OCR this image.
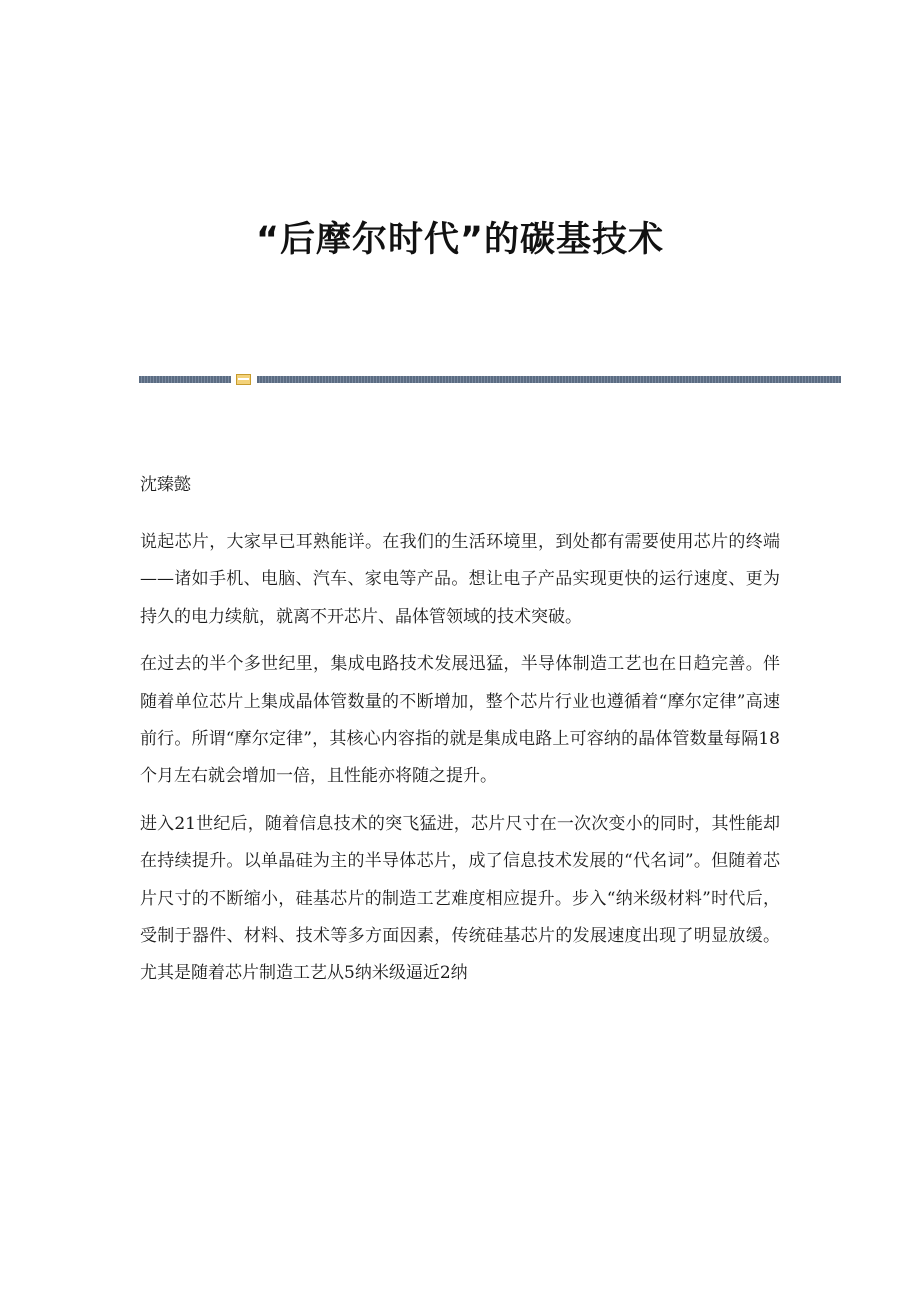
“后摩尔时代”的碳基技术

沈臻懿

说起芯片，大家早已耳熟能详。在我们的生活环境里，到处都有需要使用芯片的终端——诸如手机、电脑、汽车、家电等产品。想让电子产品实现更快的运行速度、更为持久的电力续航，就离不开芯片、晶体管领域的技术突破。

在过去的半个多世纪里，集成电路技术发展迅猛，半导体制造工艺也在日趋完善。伴随着单位芯片上集成晶体管数量的不断增加，整个芯片行业也遵循着“摩尔定律”高速前行。所谓“摩尔定律”，其核心内容指的就是集成电路上可容纳的晶体管数量每隔18个月左右就会增加一倍，且性能亦将随之提升。

进入21世纪后，随着信息技术的突飞猛进，芯片尺寸在一次次变小的同时，其性能却在持续提升。以单晶硅为主的半导体芯片，成了信息技术发展的“代名词”。但随着芯片尺寸的不断缩小，硅基芯片的制造工艺难度相应提升。步入“纳米级材料”时代后，受制于器件、材料、技术等多方面因素，传统硅基芯片的发展速度出现了明显放缓。尤其是随着芯片制造工艺从5纳米级逼近2纳
